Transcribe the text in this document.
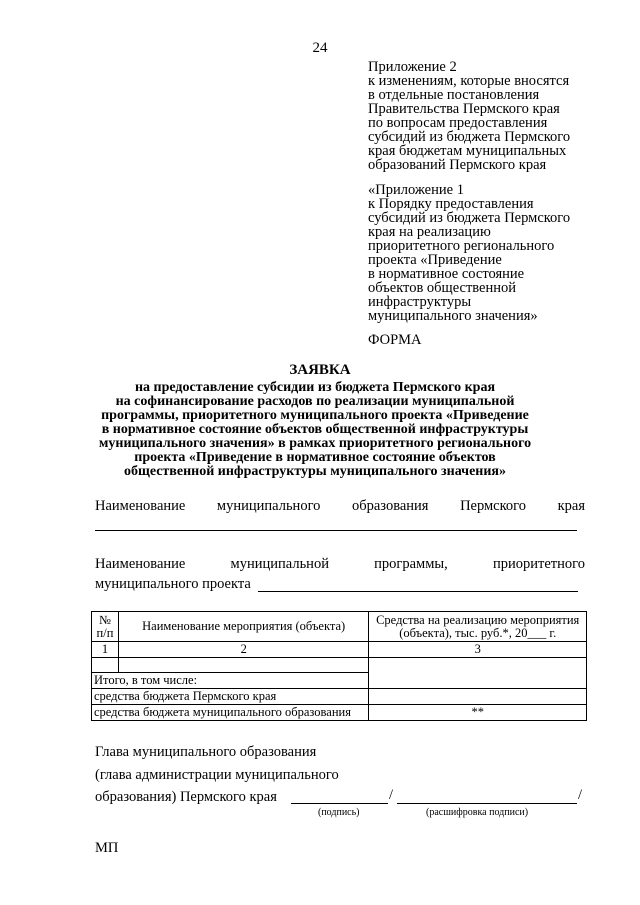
24
Приложение 2
к изменениям, которые вносятся
в отдельные постановления
Правительства Пермского края
по вопросам предоставления
субсидий из бюджета Пермского
края бюджетам муниципальных
образований Пермского края
«Приложение 1
к Порядку предоставления
субсидий из бюджета Пермского
края на реализацию
приоритетного регионального
проекта «Приведение
в нормативное состояние
объектов общественной
инфраструктуры
муниципального значения»
ФОРМА
ЗАЯВКА
на предоставление субсидии из бюджета Пермского края
на софинансирование расходов по реализации муниципальной
программы, приоритетного муниципального проекта «Приведение
в нормативное состояние объектов общественной инфраструктуры
муниципального значения» в рамках приоритетного регионального
проекта «Приведение в нормативное состояние объектов
общественной инфраструктуры муниципального значения»
Наименование муниципального образования Пермского края
Наименование	муниципальной	программы,	приоритетного
муниципального проекта
№ п/п	Наименование мероприятия (объекта)	Средства на реализацию мероприятия (объекта), тыс. руб.*, 20___ г.
1	2	3

Итого, в том числе:		
средства бюджета Пермского края		
средства бюджета муниципального образования		**
Глава муниципального образования
(глава администрации муниципального
образования) Пермского края	/	/
(подпись)	(расшифровка подписи)
МП
